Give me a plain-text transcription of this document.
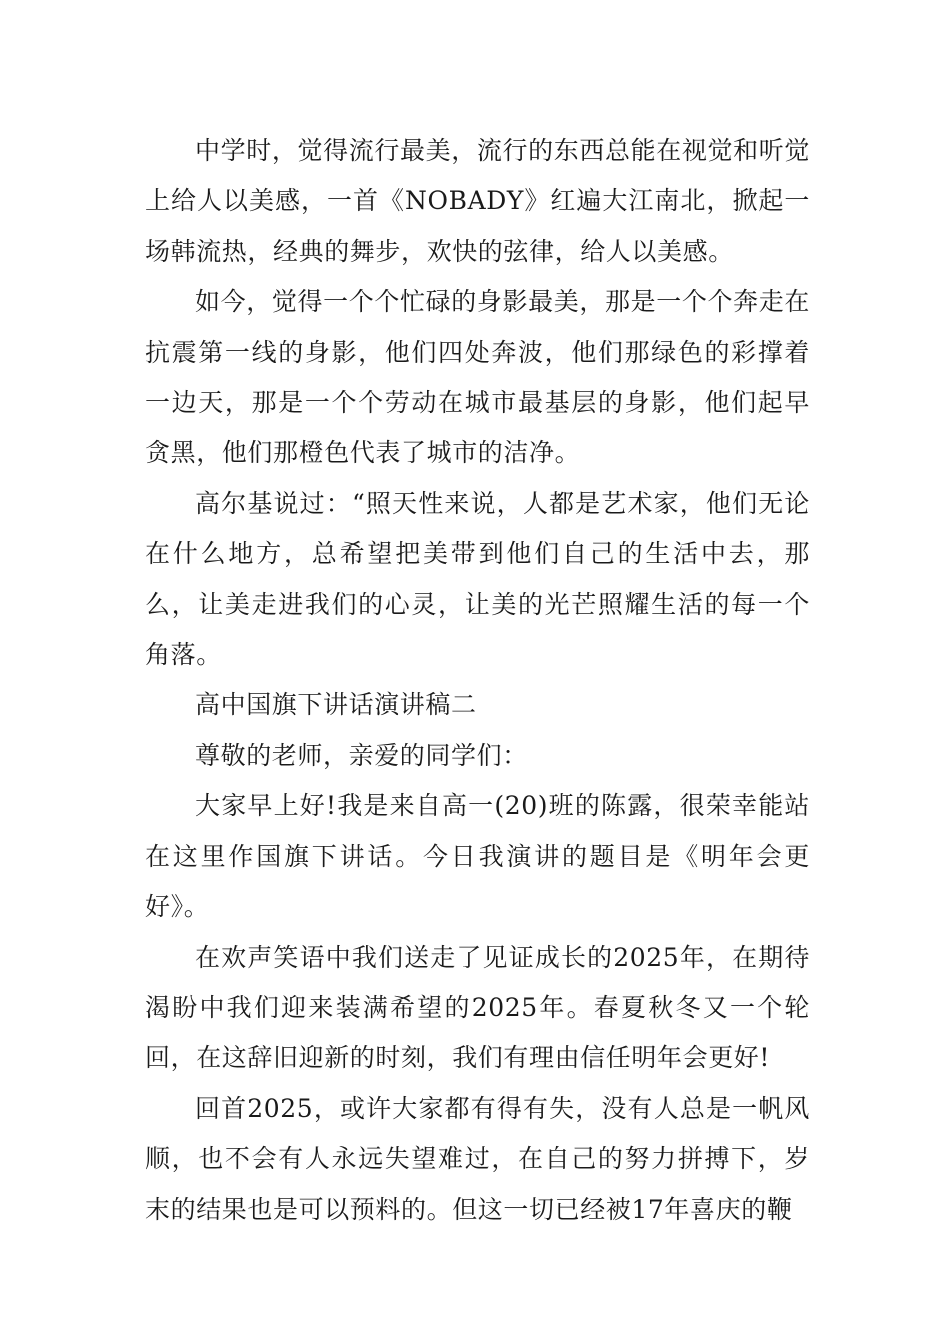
中学时，觉得流行最美，流行的东西总能在视觉和听觉上给人以美感，一首《NOBADY》红遍大江南北，掀起一场韩流热，经典的舞步，欢快的弦律，给人以美感。

如今，觉得一个个忙碌的身影最美，那是一个个奔走在抗震第一线的身影，他们四处奔波，他们那绿色的彩撑着一边天，那是一个个劳动在城市最基层的身影，他们起早贪黑，他们那橙色代表了城市的洁净。

高尔基说过：“照天性来说，人都是艺术家，他们无论在什么地方，总希望把美带到他们自己的生活中去，那么，让美走进我们的心灵，让美的光芒照耀生活的每一个角落。

高中国旗下讲话演讲稿二

尊敬的老师，亲爱的同学们：

大家早上好!我是来自高一(20)班的陈露，很荣幸能站在这里作国旗下讲话。今日我演讲的题目是《明年会更好》。

在欢声笑语中我们送走了见证成长的2025年，在期待渴盼中我们迎来装满希望的2025年。春夏秋冬又一个轮回，在这辞旧迎新的时刻，我们有理由信任明年会更好!

回首2025，或许大家都有得有失，没有人总是一帆风顺，也不会有人永远失望难过，在自己的努力拼搏下，岁末的结果也是可以预料的。但这一切已经被17年喜庆的鞭
